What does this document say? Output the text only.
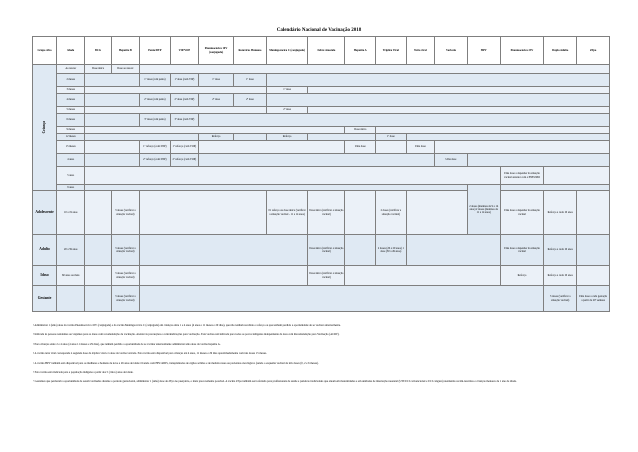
Calendário Nacional de Vacinação 2018
Grupo Alvo	Idade	BCG	Hepatite B	Penta/DTP	VIP/VOP	Pneumocócica 10V (conjugada)	Rotavírus Humano	Meningocócica C (conjugada)	Febre Amarela	Hepatite A	Tríplice Viral	Tetra viral	Varicela	HPV	Pneumocócica 23V	Dupla Adulto	dTpa
Criança	Ao nascer	Dose única	Dose ao nascer														
	2 meses			1ª dose (com penta)	1ª dose (com VIP)	1ª dose	1ª dose										
	3 meses							1ª dose									
	4 meses			2ª dose (com penta)	2ª dose (com VIP)	2ª dose	2ª dose										
	5 meses							2ª dose									
	6 meses			3ª dose (com penta)	3ª dose (com VIP)												
	9 meses									Dose única							
	12 meses					Reforço		Reforço			1ª dose						
	15 meses			1º reforço (com DTP)	1º reforço (com VOP)					Uma dose		Uma dose					
	4 anos			2º reforço (com DTP)	2º reforço (com VOP)								Uma dose				
	5 anos														Uma dose a depender da situação vacinal anterior com a PNEUMO		
	9 anos													2 doses (meninas de 9 a 14 anos) 2 doses (meninos de 11 a 14 anos)			
Adolescente	10 a 19 anos		3 doses (verificar a situação vacinal)					01 reforço ou dose única (verificar a situação vacinal - 11 a 14 anos)	Dose única (verificar a situação vacinal)		2 doses (verificar a situação vacinal)				Uma dose a depender da situação vacinal	Reforço a cada 10 anos	
Adulto	20 a 59 anos		3 doses (verificar a situação vacinal)						Dose única (verificar a situação vacinal)		2 doses (20 a 29 anos) 1 dose (30 a 49 anos)				Uma dose a depender da situação vacinal	Reforço a cada 10 anos	
Idoso	60 anos ou mais		3 doses (verificar a situação vacinal)						Dose única (verificar a situação vacinal)						Reforço	Reforço a cada 10 anos	
Gestante			3 doses (verificar a situação vacinal)													3 doses (verificar a situação vacinal)	Uma dose a cada gestação a partir da 20ª semana

¹ Administrar 1 (uma) dose da vacina Pneumocócica 10V (conjugada) e da vacina Meningocócica C (conjugada) em crianças entre 1 e 4 anos (4 anos e 11 meses e 29 dias), que não tenham recebido o reforço ou que tenham perdido a oportunidade de se vacinar anteriormente.

² Indicada às pessoas residentes ou viajantes para as áreas com recomendação de vacinação. Atentar às precauções e contraindicações para vacinação. Esta vacina está indicada para todos os povos indígenas independente da área com Recomendação para Vacinação (ACRV).

³ Para crianças entre 2 e 4 anos (4 anos 11 meses e 29 dias), que tenham perdido a oportunidade de se vacinar anteriormente administrar uma dose da vacina hepatite A.

⁴ A vacina tetra viral corresponde à segunda dose da tríplice viral e à dose da vacina varicela. Esta vacina está disponível para crianças até 4 anos, 11 meses e 29 dias aproximadamente com tais doses 15 meses.

⁵ A vacina HPV também está disponível para os mulheres e homens de nove a 26 anos de idade vivendo com HIV/AIDS, transplantados de órgãos sólidos e de medula óssea ou pacientes oncológicos (sendo o esquema vacinal de três doses (0, 2 e 6 meses).

⁶ Esta vacina está indicada para a população indígena a partir dos 5 (cinco) anos de idade.

⁷ Gestantes que perderam a oportunidade de serem vacinadas durante o período gestacional, administrar 1 (uma) dose de dTpa no puerpério, o mais precocemente possível. A vacina dTpa também será ofertada para profissionais de saúde e parteiras tradicionais que atuam em maternidades e em unidades de internação neonatal (UTI/UCI convencional e UCI canguru) atendendo recém-nascidos e crianças menores de 1 ano de idade.
